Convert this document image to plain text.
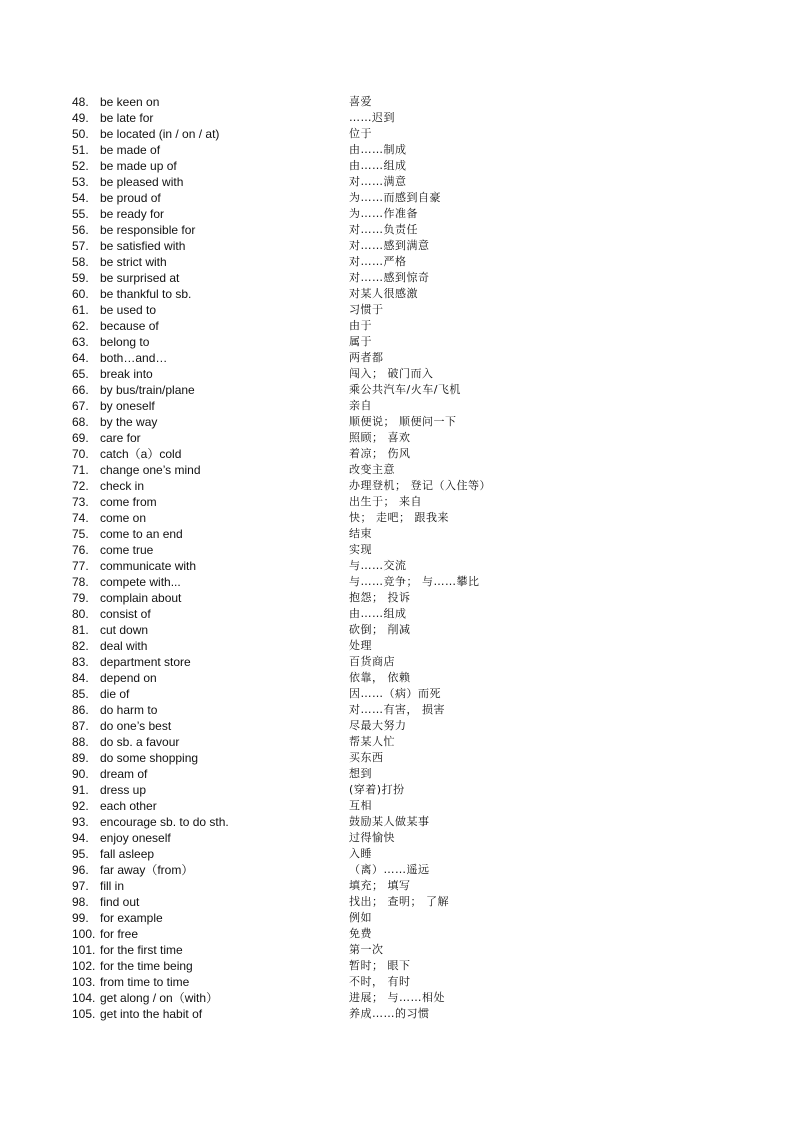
48. be keen on	喜爱
49. be late for	……迟到
50. be located (in / on / at)	位于
51. be made of	由……制成
52. be made up of	由……组成
53. be pleased with	对……满意
54. be proud of	为……而感到自豪
55. be ready for	为……作准备
56. be responsible for	对……负责任
57. be satisfied with	对……感到满意
58. be strict with	对……严格
59. be surprised at	对……感到惊奇
60. be thankful to sb.	对某人很感激
61. be used to	习惯于
62. because of	由于
63. belong to	属于
64. both…and…	两者都
65. break into	闯入； 破门而入
66. by bus/train/plane	乘公共汽车/火车/飞机
67. by oneself	亲自
68. by the way	顺便说； 顺便问一下
69. care for	照顾； 喜欢
70. catch（a）cold	着凉； 伤风
71. change one’s mind	改变主意
72. check in	办理登机； 登记（入住等）
73. come from	出生于； 来自
74. come on	快； 走吧； 跟我来
75. come to an end	结束
76. come true	实现
77. communicate with	与……交流
78. compete with...	与……竞争； 与……攀比
79. complain about	抱怨； 投诉
80. consist of	由……组成
81. cut down	砍倒； 削减
82. deal with	处理
83. department store	百货商店
84. depend on	依靠， 依赖
85. die of	因……（病）而死
86. do harm to	对……有害， 损害
87. do one’s best	尽最大努力
88. do sb. a favour	帮某人忙
89. do some shopping	买东西
90. dream of	想到
91. dress up	(穿着)打扮
92. each other	互相
93. encourage sb. to do sth.	鼓励某人做某事
94. enjoy oneself	过得愉快
95. fall asleep	入睡
96. far away（from）	（离）……遥远
97. fill in	填充； 填写
98. find out	找出； 查明； 了解
99. for example	例如
100. for free	免费
101. for the first time	第一次
102. for the time being	暂时； 眼下
103. from time to time	不时， 有时
104. get along / on（with）	进展； 与……相处
105. get into the habit of	养成……的习惯
